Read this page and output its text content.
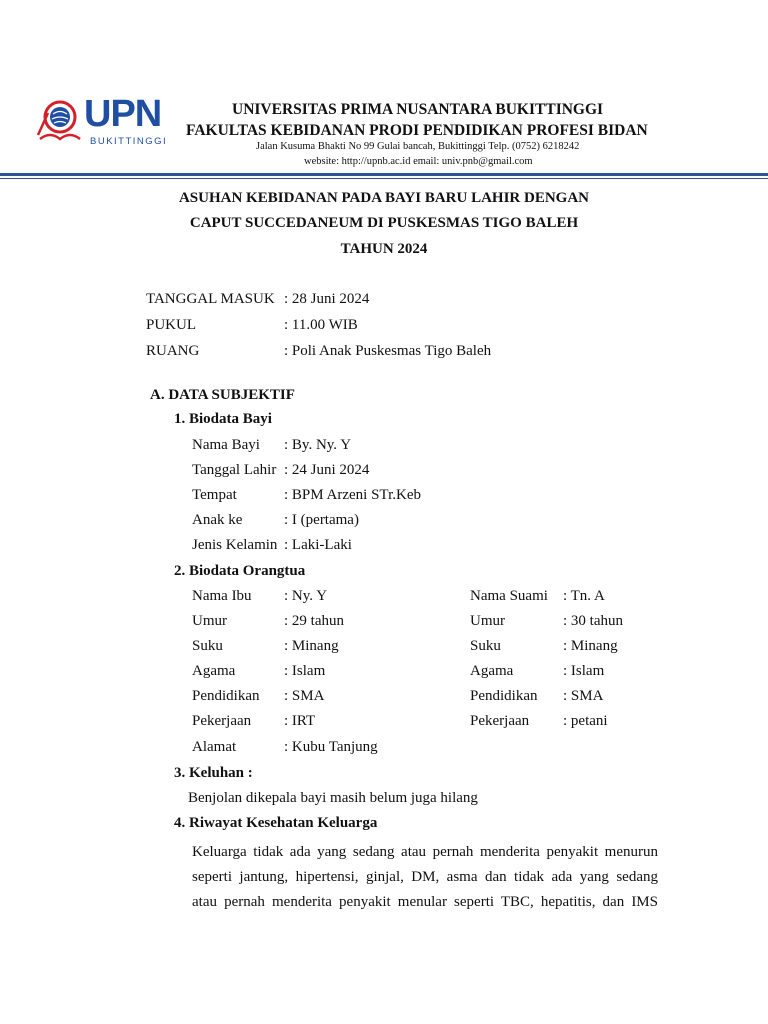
UPN
BUKITTINGGI
UNIVERSITAS PRIMA NUSANTARA BUKITTINGGI
FAKULTAS KEBIDANAN PRODI PENDIDIKAN PROFESI BIDAN
Jalan Kusuma Bhakti No 99 Gulai bancah, Bukittinggi Telp. (0752) 6218242
website: http://upnb.ac.id email: univ.pnb@gmail.com
ASUHAN KEBIDANAN PADA BAYI BARU LAHIR DENGAN
CAPUT SUCCEDANEUM DI PUSKESMAS TIGO BALEH
TAHUN 2024
TANGGAL MASUK : 28 Juni 2024
PUKUL	: 11.00 WIB
RUANG	: Poli Anak Puskesmas Tigo Baleh
A. DATA SUBJEKTIF
1. Biodata Bayi
Nama Bayi : By. Ny. Y
Tanggal Lahir : 24 Juni 2024
Tempat	: BPM Arzeni STr.Keb
Anak ke	: I (pertama)
Jenis Kelamin : Laki-Laki
2. Biodata Orangtua
Nama Ibu : Ny. Y	Nama Suami : Tn. A
Umur	: 29 tahun	Umur	: 30 tahun
Suku	: Minang	Suku	: Minang
Agama	: Islam	Agama	: Islam
Pendidikan : SMA	Pendidikan : SMA
Pekerjaan : IRT	Pekerjaan : petani
Alamat	: Kubu Tanjung
3. Keluhan :
Benjolan dikepala bayi masih belum juga hilang
4. Riwayat Kesehatan Keluarga
Keluarga tidak ada yang sedang atau pernah menderita penyakit menurun
seperti jantung, hipertensi, ginjal, DM, asma dan tidak ada yang sedang
atau pernah menderita penyakit menular seperti TBC, hepatitis, dan IMS
